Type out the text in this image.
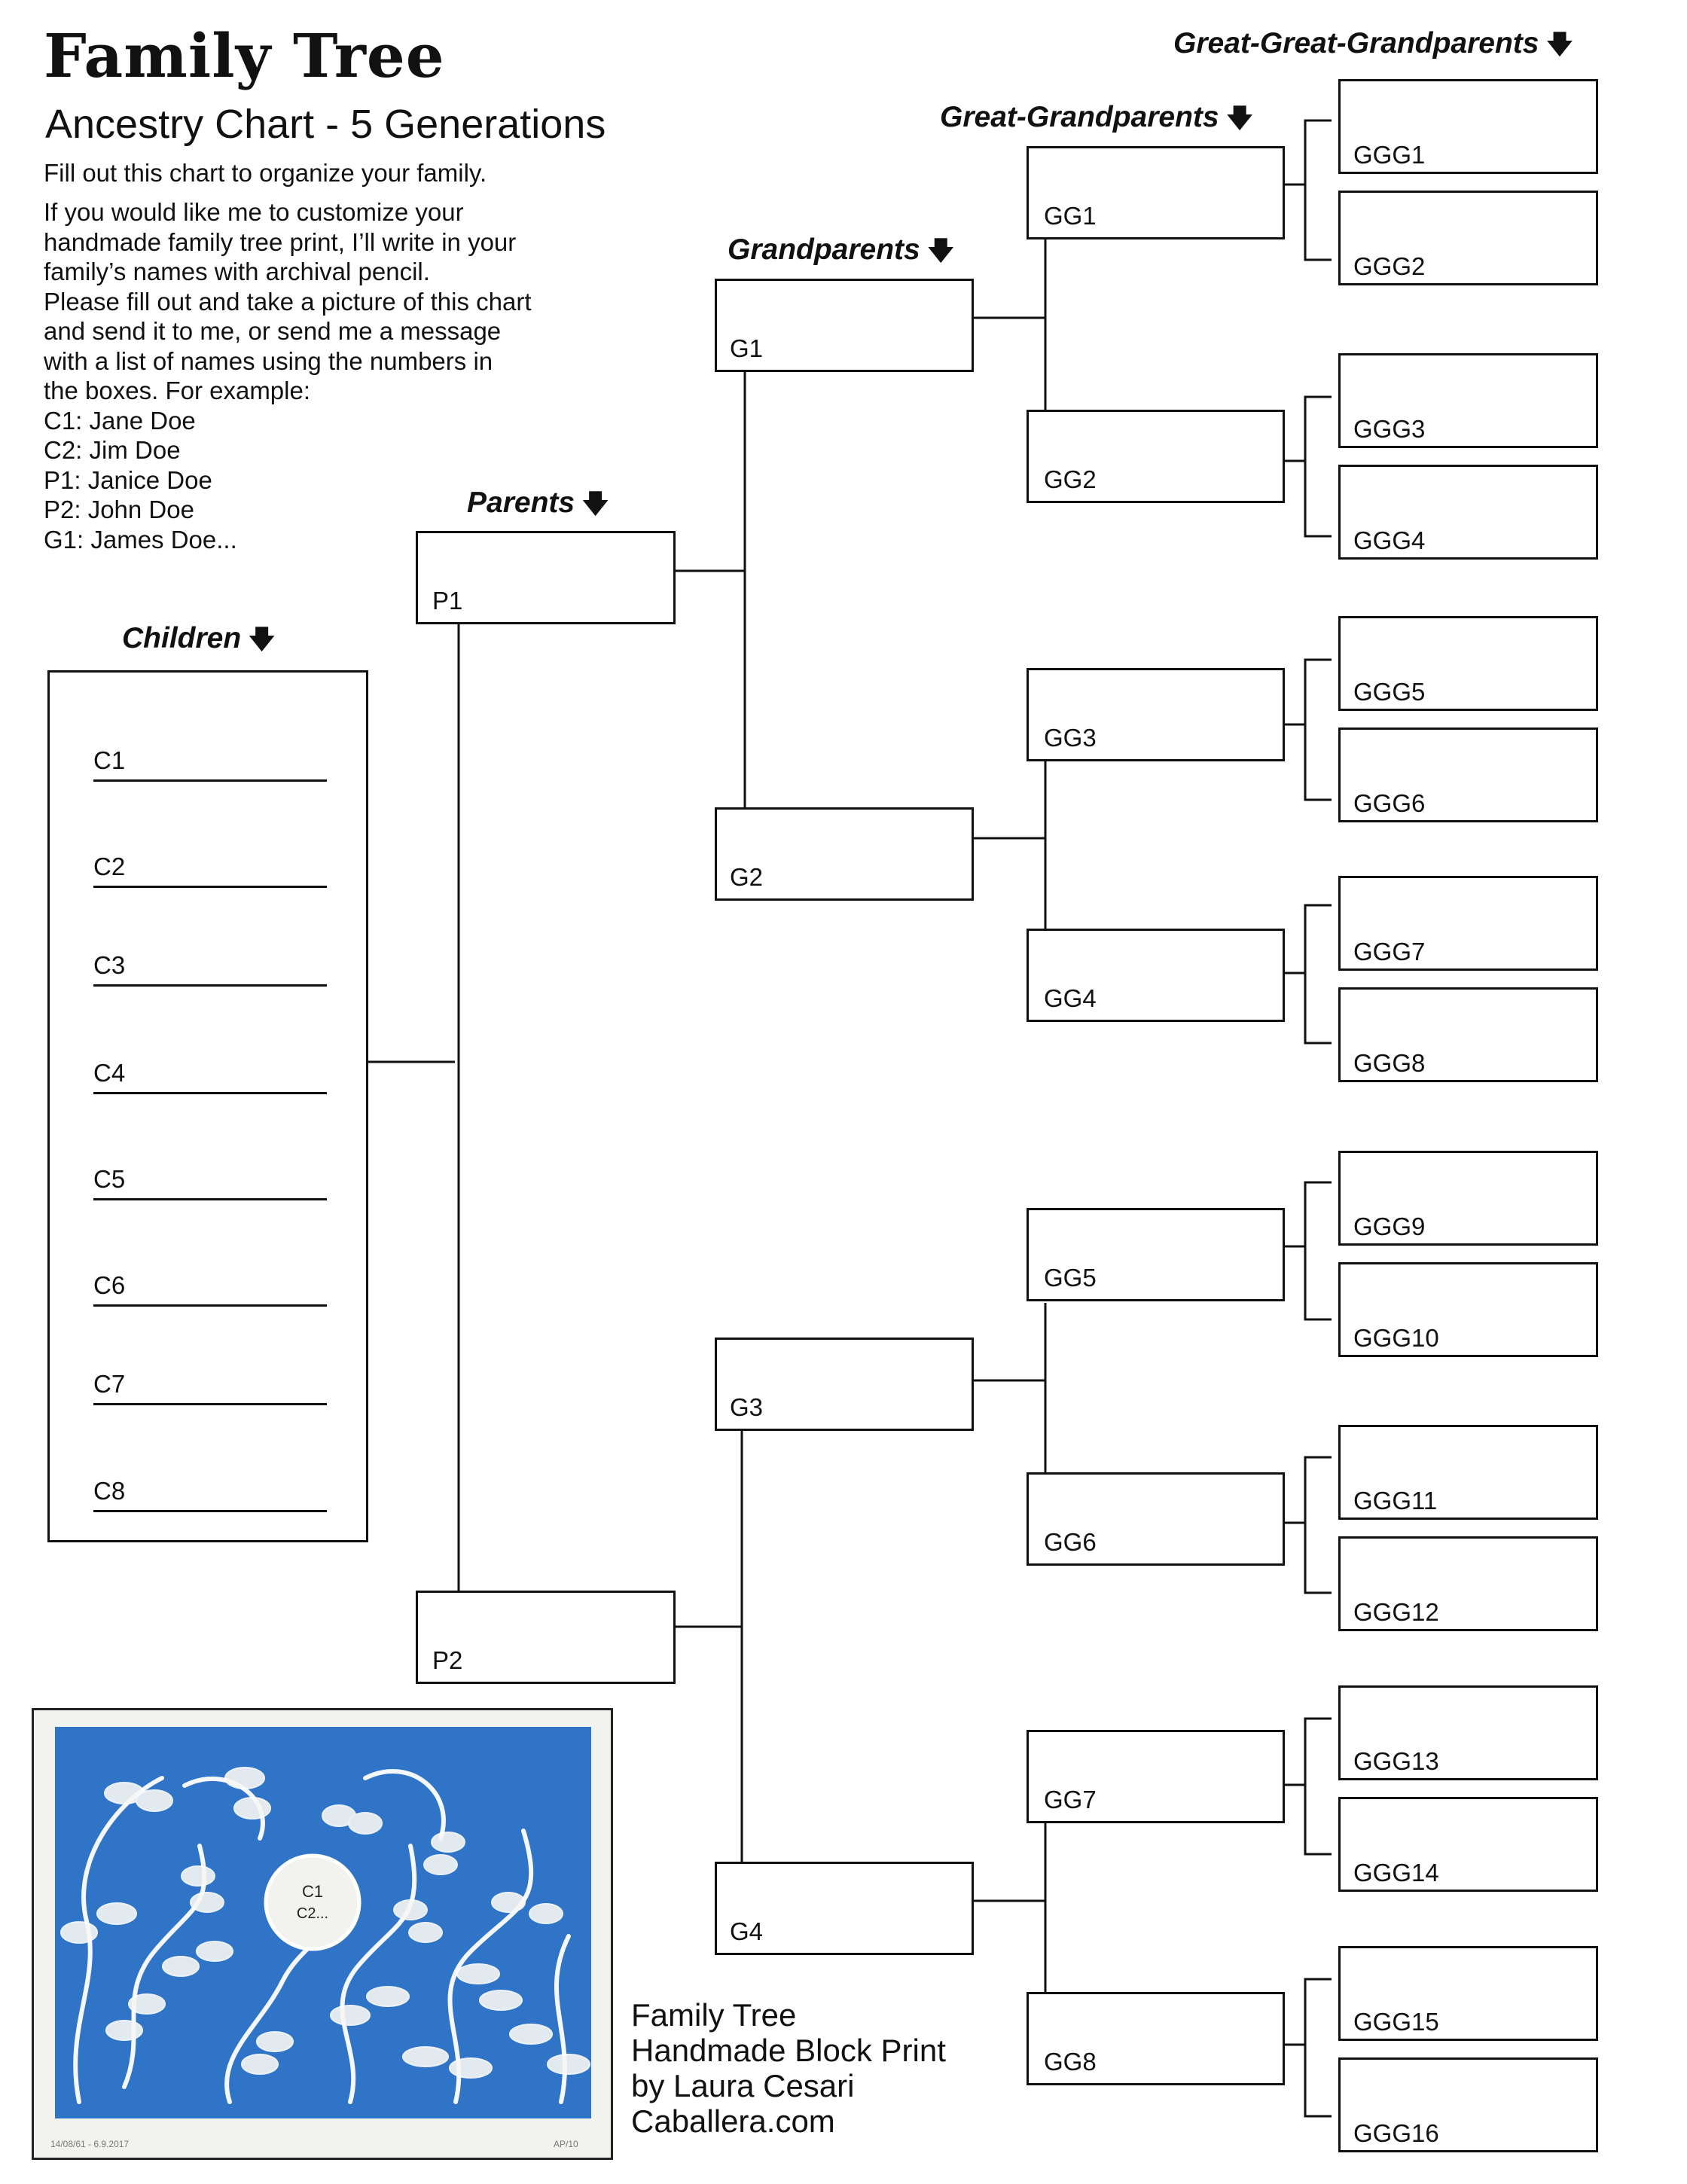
Family Tree
Ancestry Chart - 5 Generations
Fill out this chart to organize your family.
If you would like me to customize your
handmade family tree print, I’ll write in your
family’s names with archival pencil.
Please fill out and take a picture of this chart
and send it to me, or send me a message
with a list of names using the numbers in
the boxes. For example:
C1: Jane Doe
C2: Jim Doe
P1: Janice Doe
P2: John Doe
G1: James Doe...
Children 🡇
Parents 🡇
Grandparents 🡇
Great-Grandparents 🡇
Great-Great-Grandparents 🡇
C1
C2
C3
C4
C5
C6
C7
C8
P1
P2
G1
G2
G3
G4
GG1
GG2
GG3
GG4
GG5
GG6
GG7
GG8
GGG1
GGG2
GGG3
GGG4
GGG5
GGG6
GGG7
GGG8
GGG9
GGG10
GGG11
GGG12
GGG13
GGG14
GGG15
GGG16
C1
C2...
14/08/61 - 6.9.2017	AP/10
Family Tree
Handmade Block Print
by Laura Cesari
Caballera.com
